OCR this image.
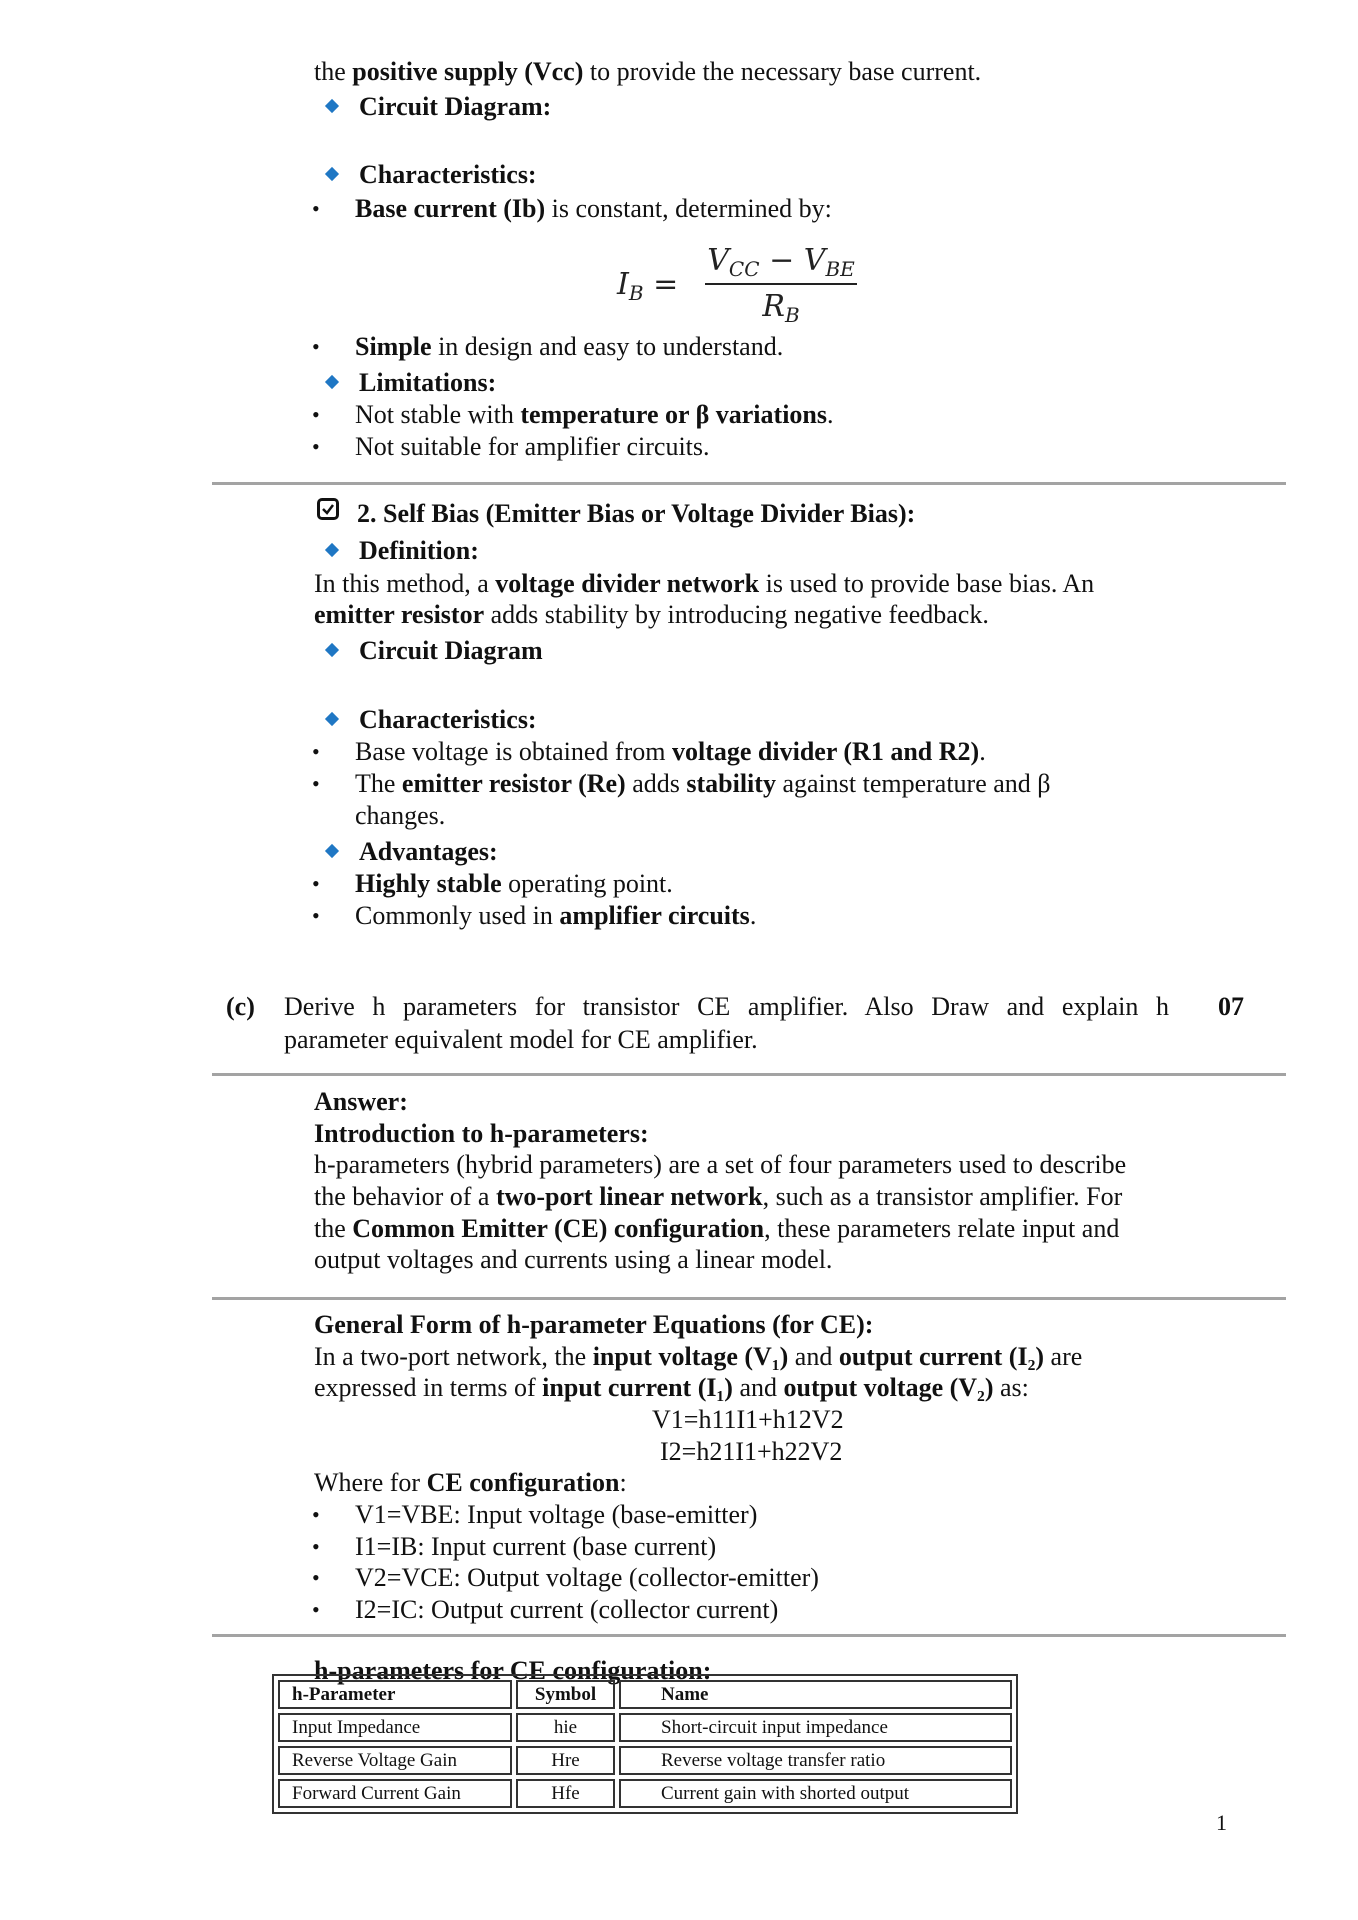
the positive supply (Vcc) to provide the necessary base current.
Circuit Diagram:
Characteristics:
• Base current (Ib) is constant, determined by:
$I_B$ =
$V_{CC} - V_{BE}$
$R_B$
• Simple in design and easy to understand.
Limitations:
• Not stable with temperature or β variations.
• Not suitable for amplifier circuits.
2. Self Bias (Emitter Bias or Voltage Divider Bias):
Definition:
In this method, a voltage divider network is used to provide base bias. An
emitter resistor adds stability by introducing negative feedback.
Circuit Diagram
Characteristics:
• Base voltage is obtained from voltage divider (R1 and R2).
• The emitter resistor (Re) adds stability against temperature and β
changes.
Advantages:
• Highly stable operating point.
• Commonly used in amplifier circuits.
(c) Derive h parameters for transistor CE amplifier. Also Draw and explain h
parameter equivalent model for CE amplifier.
07
Answer:
Introduction to h-parameters:
h-parameters (hybrid parameters) are a set of four parameters used to describe
the behavior of a two-port linear network, such as a transistor amplifier. For
the Common Emitter (CE) configuration, these parameters relate input and
output voltages and currents using a linear model.
General Form of h-parameter Equations (for CE):
In a two-port network, the input voltage (V₁) and output current (I₂) are
expressed in terms of input current (I₁) and output voltage (V₂) as:
V1=h11I1+h12V2
I2=h21I1+h22V2
Where for CE configuration:
• V1=VBE: Input voltage (base-emitter)
• I1=IB: Input current (base current)
• V2=VCE: Output voltage (collector-emitter)
• I2=IC: Output current (collector current)
h-parameters for CE configuration:
h-Parameter	Symbol	Name
Input Impedance	hie	Short-circuit input impedance
Reverse Voltage Gain	Hre	Reverse voltage transfer ratio
Forward Current Gain	Hfe	Current gain with shorted output
1
